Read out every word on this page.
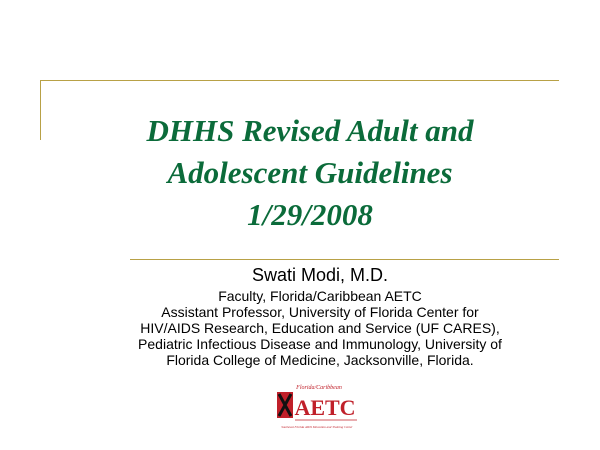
DHHS Revised Adult and
Adolescent Guidelines
1/29/2008
Swati Modi, M.D.
Faculty, Florida/Caribbean AETC
Assistant Professor, University of Florida Center for
HIV/AIDS Research, Education and Service (UF CARES),
Pediatric Infectious Disease and Immunology, University of
Florida College of Medicine, Jacksonville, Florida.
Florida/Caribbean
AETC
Southeast Florida AIDS Education and Training Center
